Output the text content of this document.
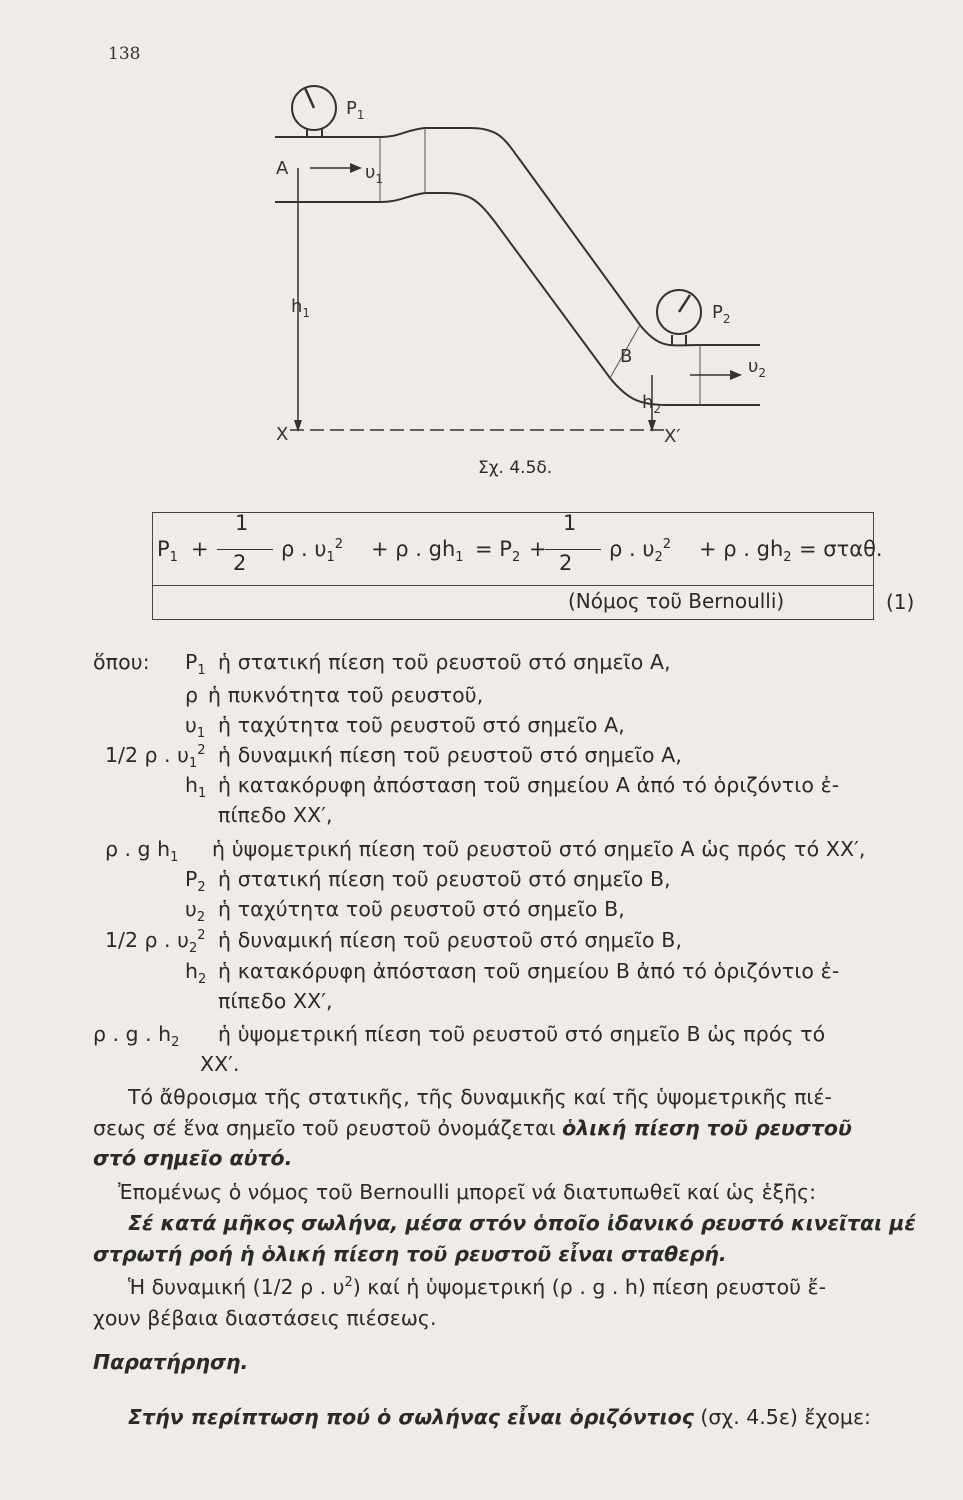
138
$P_1$
A	$\upsilon_1$
$h_1$	$P_2$
B	$\upsilon_2$
$h_2$
X	X′
Σχ. 4.5δ.
$P_1$ +
1
2
ρ . $\upsilon_1^2 + \rho$ . $gh_1 = P_2$ +
1
2
ρ . $\upsilon_2^2 + \rho$ . $gh_2 = \sigma\tau\alpha\theta$.
(Νόμος τοῦ Bernoulli)	(1)
ὅπου: $P_1$ ἡ στατική πίεση τοῦ ρευστοῦ στό σημεῖο Α,
ρ ἡ πυκνότητα τοῦ ρευστοῦ,
$\upsilon_1$ ἡ ταχύτητα τοῦ ρευστοῦ στό σημεῖο Α,
1/2 ρ . $\upsilon_1^2$ ἡ δυναμική πίεση τοῦ ρευστοῦ στό σημεῖο Α,
$h_1$ ἡ κατακόρυφη ἀπόσταση τοῦ σημείου Α ἀπό τό ὁριζόντιο ἐ-
πίπεδο XX′,
ρ . g $h_1$ ἡ ὑψομετρική πίεση τοῦ ρευστοῦ στό σημεῖο Α ὡς πρός τό XX′,
$P_2$ ἡ στατική πίεση τοῦ ρευστοῦ στό σημεῖο Β,
$\upsilon_2$ ἡ ταχύτητα τοῦ ρευστοῦ στό σημεῖο Β,
1/2 ρ . $\upsilon_2^2$ ἡ δυναμική πίεση τοῦ ρευστοῦ στό σημεῖο Β,
$h_2$ ἡ κατακόρυφη ἀπόσταση τοῦ σημείου Β ἀπό τό ὁριζόντιο ἐ-
πίπεδο XX′,
ρ . g . $h_2$ ἡ ὑψομετρική πίεση τοῦ ρευστοῦ στό σημεῖο Β ὡς πρός τό
XX′.
Τό ἄθροισμα τῆς στατικῆς, τῆς δυναμικῆς καί τῆς ὑψομετρικῆς πιέ-
σεως σέ ἕνα σημεῖο τοῦ ρευστοῦ ὀνομάζεται ὁλική πίεση τοῦ ρευστοῦ
στό σημεῖο αὐτό.
Ἐπομένως ὁ νόμος τοῦ Bernoulli μπορεῖ νά διατυπωθεῖ καί ὡς ἑξῆς:
Σέ κατά μῆκος σωλήνα, μέσα στόν ὁποῖο ἰδανικό ρευστό κινεῖται μέ
στρωτή ροή ἡ ὁλική πίεση τοῦ ρευστοῦ εἶναι σταθερή.
Ἡ δυναμική (1/2 ρ . $\upsilon^2$) καί ἡ ὑψομετρική (ρ . g . h) πίεση ρευστοῦ ἔ-
χουν βέβαια διαστάσεις πιέσεως.
Παρατήρηση.
Στήν περίπτωση πού ὁ σωλήνας εἶναι ὁριζόντιος (σχ. 4.5ε) ἔχομε:
